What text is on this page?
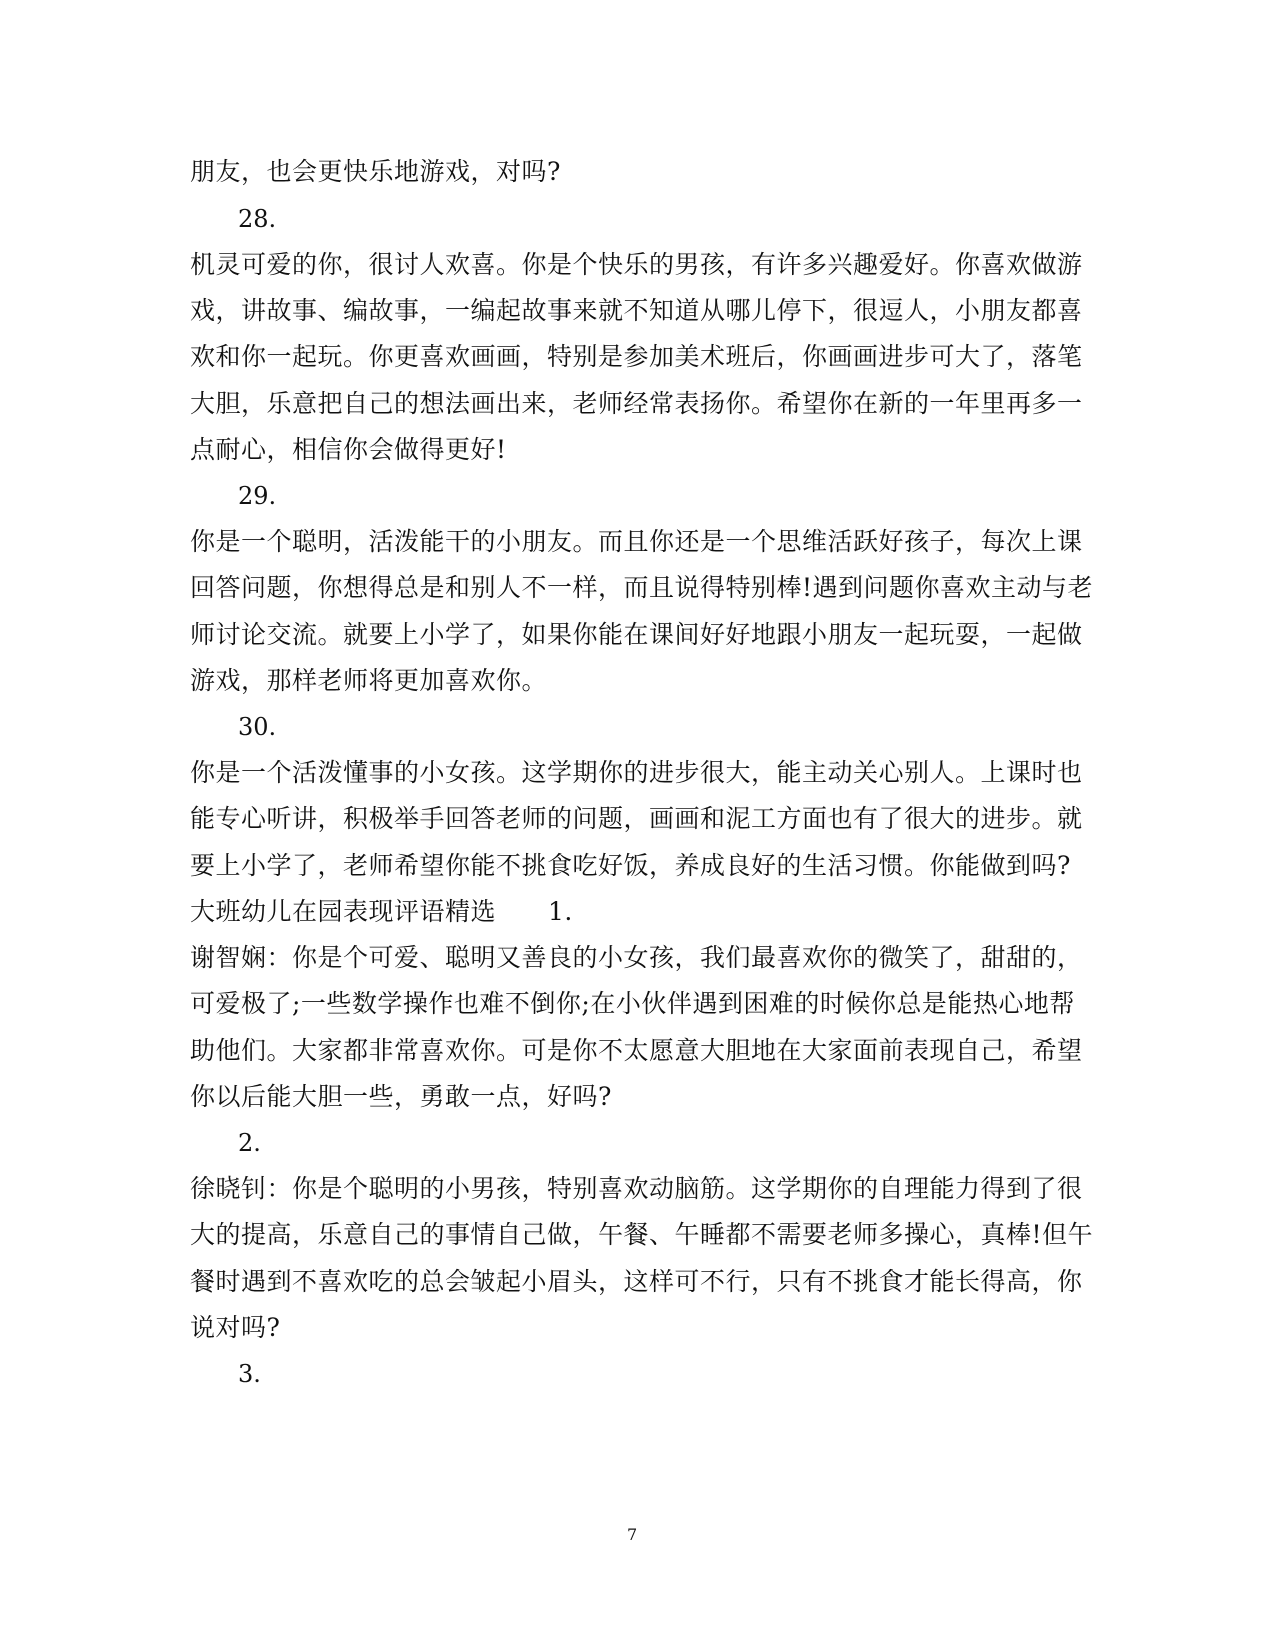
朋友，也会更快乐地游戏，对吗?
28.
机灵可爱的你，很讨人欢喜。你是个快乐的男孩，有许多兴趣爱好。你喜欢做游
戏，讲故事、编故事，一编起故事来就不知道从哪儿停下，很逗人，小朋友都喜
欢和你一起玩。你更喜欢画画，特别是参加美术班后，你画画进步可大了，落笔
大胆，乐意把自己的想法画出来，老师经常表扬你。希望你在新的一年里再多一
点耐心，相信你会做得更好!
29.
你是一个聪明，活泼能干的小朋友。而且你还是一个思维活跃好孩子，每次上课
回答问题，你想得总是和别人不一样，而且说得特别棒!遇到问题你喜欢主动与老
师讨论交流。就要上小学了，如果你能在课间好好地跟小朋友一起玩耍，一起做
游戏，那样老师将更加喜欢你。
30.
你是一个活泼懂事的小女孩。这学期你的进步很大，能主动关心别人。上课时也
能专心听讲，积极举手回答老师的问题，画画和泥工方面也有了很大的进步。就
要上小学了，老师希望你能不挑食吃好饭，养成良好的生活习惯。你能做到吗?
大班幼儿在园表现评语精选 1.
谢智娴：你是个可爱、聪明又善良的小女孩，我们最喜欢你的微笑了，甜甜的，
可爱极了;一些数学操作也难不倒你;在小伙伴遇到困难的时候你总是能热心地帮
助他们。大家都非常喜欢你。可是你不太愿意大胆地在大家面前表现自己，希望
你以后能大胆一些，勇敢一点，好吗?
2.
徐晓钊：你是个聪明的小男孩，特别喜欢动脑筋。这学期你的自理能力得到了很
大的提高，乐意自己的事情自己做，午餐、午睡都不需要老师多操心，真棒!但午
餐时遇到不喜欢吃的总会皱起小眉头，这样可不行，只有不挑食才能长得高，你
说对吗?
3.
7
